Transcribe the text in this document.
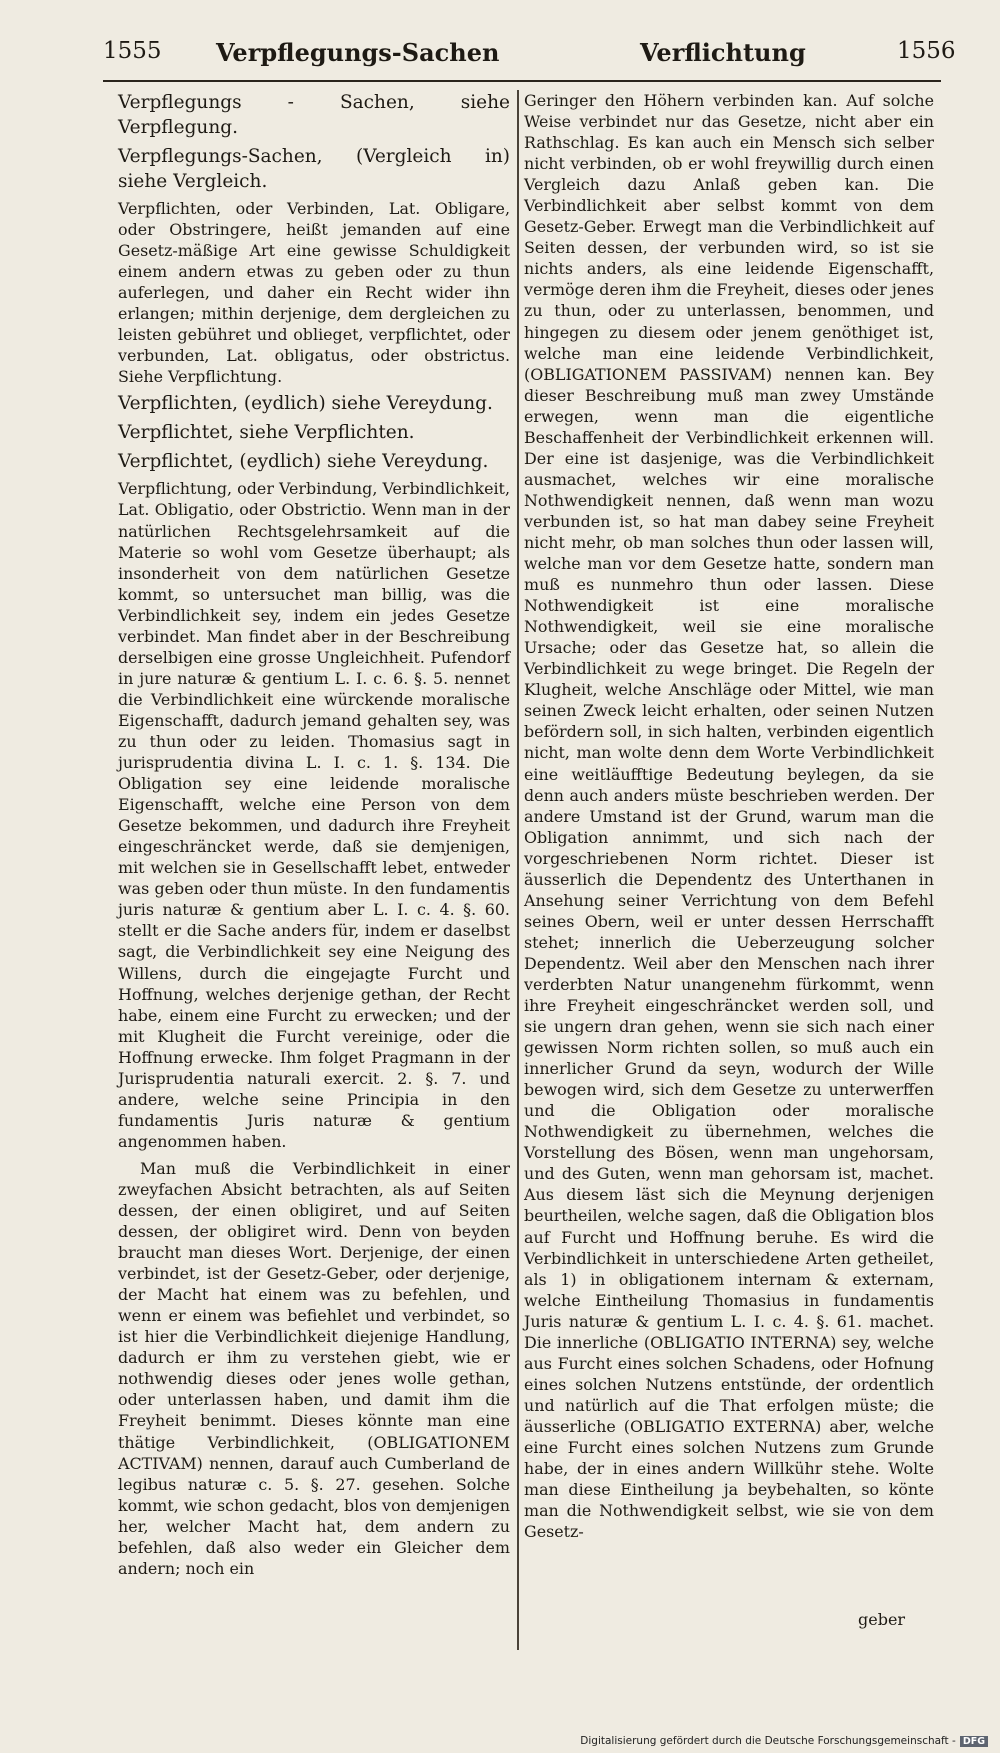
1555 Verpflegungs-Sachen	Verflichtung	1556

Verpflegungs - Sachen, siehe Verpflegung.

Verpflegungs-Sachen, (Vergleich in) siehe Vergleich.

Verpflichten, oder Verbinden, Lat. Obligare, oder Obstringere, heißt jemanden auf eine Gesetz-mäßige Art eine gewisse Schuldigkeit einem andern etwas zu geben oder zu thun auferlegen, und daher ein Recht wider ihn erlangen; mithin derjenige, dem dergleichen zu leisten gebühret und oblieget, verpflichtet, oder verbunden, Lat. obligatus, oder obstrictus. Siehe Verpflichtung.

Verpflichten, (eydlich) siehe Vereydung.

Verpflichtet, siehe Verpflichten.

Verpflichtet, (eydlich) siehe Vereydung.

Verpflichtung, oder Verbindung, Verbindlichkeit, Lat. Obligatio, oder Obstrictio. Wenn man in der natürlichen Rechtsgelehrsamkeit auf die Materie so wohl vom Gesetze überhaupt; als insonderheit von dem natürlichen Gesetze kommt, so untersuchet man billig, was die Verbindlichkeit sey, indem ein jedes Gesetze verbindet. Man findet aber in der Beschreibung derselbigen eine grosse Ungleichheit. Pufendorf in jure naturæ & gentium L. I. c. 6. §. 5. nennet die Verbindlichkeit eine würckende moralische Eigenschafft, dadurch jemand gehalten sey, was zu thun oder zu leiden. Thomasius sagt in jurisprudentia divina L. I. c. 1. §. 134. Die Obligation sey eine leidende moralische Eigenschafft, welche eine Person von dem Gesetze bekommen, und dadurch ihre Freyheit eingeschräncket werde, daß sie demjenigen, mit welchen sie in Gesellschafft lebet, entweder was geben oder thun müste. In den fundamentis juris naturæ & gentium aber L. I. c. 4. §. 60. stellt er die Sache anders für, indem er daselbst sagt, die Verbindlichkeit sey eine Neigung des Willens, durch die eingejagte Furcht und Hoffnung, welches derjenige gethan, der Recht habe, einem eine Furcht zu erwecken; und der mit Klugheit die Furcht vereinige, oder die Hoffnung erwecke. Ihm folget Pragmann in der Jurisprudentia naturali exercit. 2. §. 7. und andere, welche seine Principia in den fundamentis Juris naturæ & gentium angenommen haben.

Man muß die Verbindlichkeit in einer zweyfachen Absicht betrachten, als auf Seiten dessen, der einen obligiret, und auf Seiten dessen, der obligiret wird. Denn von beyden braucht man dieses Wort. Derjenige, der einen verbindet, ist der Gesetz-Geber, oder derjenige, der Macht hat einem was zu befehlen, und wenn er einem was befiehlet und verbindet, so ist hier die Verbindlichkeit diejenige Handlung, dadurch er ihm zu verstehen giebt, wie er nothwendig dieses oder jenes wolle gethan, oder unterlassen haben, und damit ihm die Freyheit benimmt. Dieses könnte man eine thätige Verbindlichkeit, (OBLIGATIONEM ACTIVAM) nennen, darauf auch Cumberland de legibus naturæ c. 5. §. 27. gesehen. Solche kommt, wie schon gedacht, blos von demjenigen her, welcher Macht hat, dem andern zu befehlen, daß also weder ein Gleicher dem andern; noch ein

Geringer den Höhern verbinden kan. Auf solche Weise verbindet nur das Gesetze, nicht aber ein Rathschlag. Es kan auch ein Mensch sich selber nicht verbinden, ob er wohl freywillig durch einen Vergleich dazu Anlaß geben kan. Die Verbindlichkeit aber selbst kommt von dem Gesetz-Geber. Erwegt man die Verbindlichkeit auf Seiten dessen, der verbunden wird, so ist sie nichts anders, als eine leidende Eigenschafft, vermöge deren ihm die Freyheit, dieses oder jenes zu thun, oder zu unterlassen, benommen, und hingegen zu diesem oder jenem genöthiget ist, welche man eine leidende Verbindlichkeit, (OBLIGATIONEM PASSIVAM) nennen kan. Bey dieser Beschreibung muß man zwey Umstände erwegen, wenn man die eigentliche Beschaffenheit der Verbindlichkeit erkennen will. Der eine ist dasjenige, was die Verbindlichkeit ausmachet, welches wir eine moralische Nothwendigkeit nennen, daß wenn man wozu verbunden ist, so hat man dabey seine Freyheit nicht mehr, ob man solches thun oder lassen will, welche man vor dem Gesetze hatte, sondern man muß es nunmehro thun oder lassen. Diese Nothwendigkeit ist eine moralische Nothwendigkeit, weil sie eine moralische Ursache; oder das Gesetze hat, so allein die Verbindlichkeit zu wege bringet. Die Regeln der Klugheit, welche Anschläge oder Mittel, wie man seinen Zweck leicht erhalten, oder seinen Nutzen befördern soll, in sich halten, verbinden eigentlich nicht, man wolte denn dem Worte Verbindlichkeit eine weitläufftige Bedeutung beylegen, da sie denn auch anders müste beschrieben werden. Der andere Umstand ist der Grund, warum man die Obligation annimmt, und sich nach der vorgeschriebenen Norm richtet. Dieser ist äusserlich die Dependentz des Unterthanen in Ansehung seiner Verrichtung von dem Befehl seines Obern, weil er unter dessen Herrschafft stehet; innerlich die Ueberzeugung solcher Dependentz. Weil aber den Menschen nach ihrer verderbten Natur unangenehm fürkommt, wenn ihre Freyheit eingeschräncket werden soll, und sie ungern dran gehen, wenn sie sich nach einer gewissen Norm richten sollen, so muß auch ein innerlicher Grund da seyn, wodurch der Wille bewogen wird, sich dem Gesetze zu unterwerffen und die Obligation oder moralische Nothwendigkeit zu übernehmen, welches die Vorstellung des Bösen, wenn man ungehorsam, und des Guten, wenn man gehorsam ist, machet. Aus diesem läst sich die Meynung derjenigen beurtheilen, welche sagen, daß die Obligation blos auf Furcht und Hoffnung beruhe. Es wird die Verbindlichkeit in unterschiedene Arten getheilet, als 1) in obligationem internam & externam, welche Eintheilung Thomasius in fundamentis Juris naturæ & gentium L. I. c. 4. §. 61. machet. Die innerliche (OBLIGATIO INTERNA) sey, welche aus Furcht eines solchen Schadens, oder Hofnung eines solchen Nutzens entstünde, der ordentlich und natürlich auf die That erfolgen müste; die äusserliche (OBLIGATIO EXTERNA) aber, welche eine Furcht eines solchen Nutzens zum Grunde habe, der in eines andern Willkühr stehe. Wolte man diese Eintheilung ja beybehalten, so könte man die Nothwendigkeit selbst, wie sie von dem Gesetz-

geber
Digitalisierung gefördert durch die Deutsche Forschungsgemeinschaft - DFG
